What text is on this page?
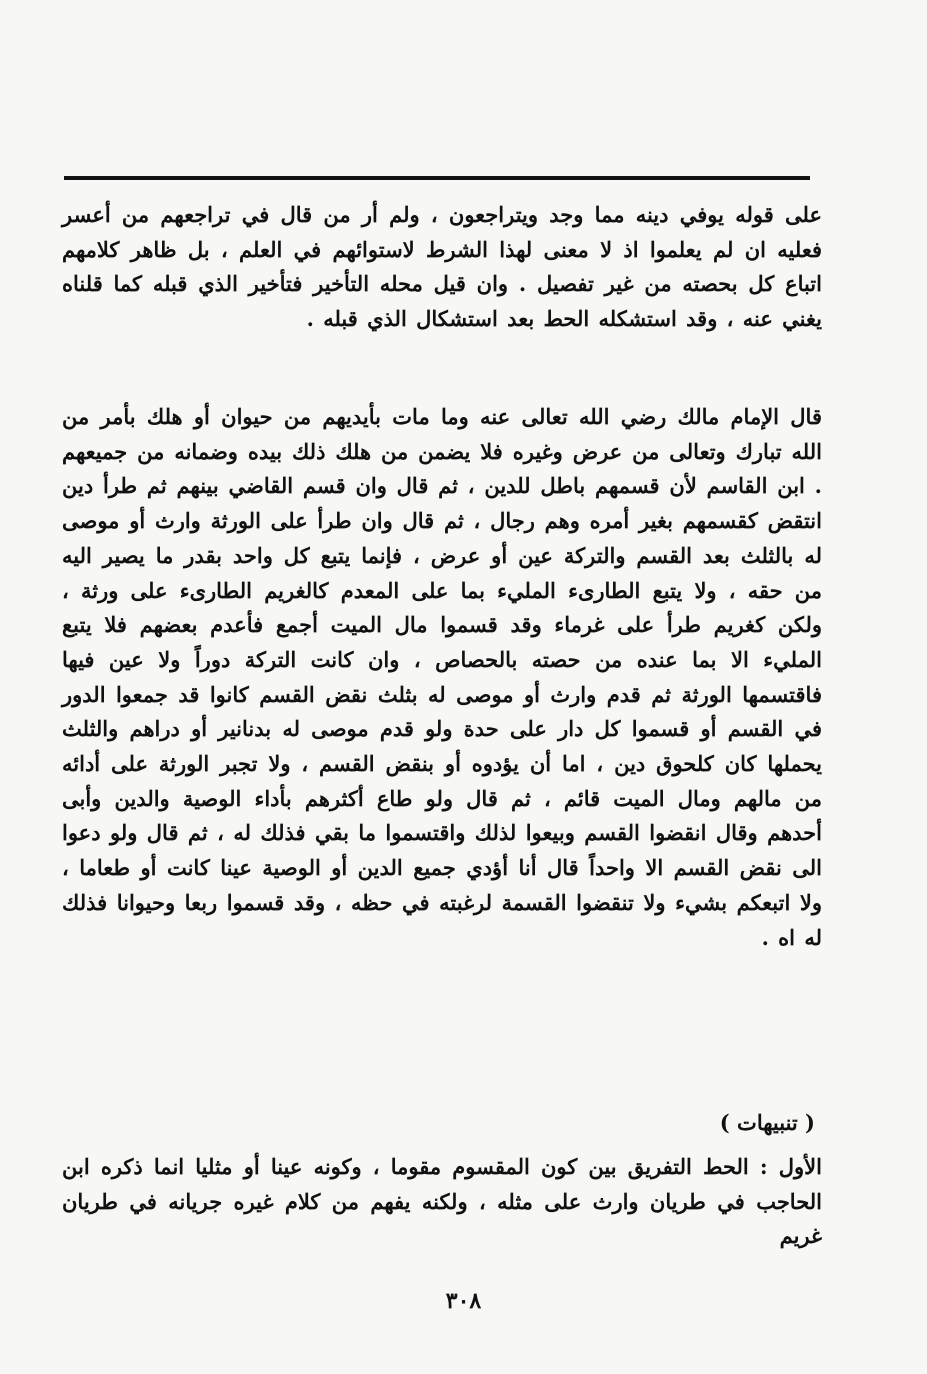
على قوله يوفي دينه مما وجد ويتراجعون ، ولم أر من قال في تراجعهم من أعسر فعليه ان لم يعلموا اذ لا معنى لهذا الشرط لاستوائهم في العلم ، بل ظاهر كلامهم اتباع كل بحصته من غير تفصيل . وان قيل محله التأخير فتأخير الذي قبله كما قلناه يغني عنه ، وقد استشكله الحط بعد استشكال الذي قبله .

قال الإمام مالك رضي الله تعالى عنه وما مات بأيديهم من حيوان أو هلك بأمر من الله تبارك وتعالى من عرض وغيره فلا يضمن من هلك ذلك بيده وضمانه من جميعهم . ابن القاسم لأن قسمهم باطل للدين ، ثم قال وان قسم القاضي بينهم ثم طرأ دين انتقض كقسمهم بغير أمره وهم رجال ، ثم قال وان طرأ على الورثة وارث أو موصى له بالثلث بعد القسم والتركة عين أو عرض ، فإنما يتبع كل واحد بقدر ما يصير اليه من حقه ، ولا يتبع الطارىء المليء بما على المعدم كالغريم الطارىء على ورثة ، ولكن كغريم طرأ على غرماء وقد قسموا مال الميت أجمع فأعدم بعضهم فلا يتبع المليء الا بما عنده من حصته بالحصاص ، وان كانت التركة دوراً ولا عين فيها فاقتسمها الورثة ثم قدم وارث أو موصى له بثلث نقض القسم كانوا قد جمعوا الدور في القسم أو قسموا كل دار على حدة ولو قدم موصى له بدنانير أو دراهم والثلث يحملها كان كلحوق دين ، اما أن يؤدوه أو بنقض القسم ، ولا تجبر الورثة على أدائه من مالهم ومال الميت قائم ، ثم قال ولو طاع أكثرهم بأداء الوصية والدين وأبى أحدهم وقال انقضوا القسم وبيعوا لذلك واقتسموا ما بقي فذلك له ، ثم قال ولو دعوا الى نقض القسم الا واحداً قال أنا أؤدي جميع الدين أو الوصية عينا كانت أو طعاما ، ولا اتبعكم بشيء ولا تنقضوا القسمة لرغبته في حظه ، وقد قسموا ربعا وحيوانا فذلك له اه .

( تنبيهات )

الأول : الحط التفريق بين كون المقسوم مقوما ، وكونه عينا أو مثليا انما ذكره ابن الحاجب في طريان وارث على مثله ، ولكنه يفهم من كلام غيره جريانه في طريان غريم

٣٠٨
